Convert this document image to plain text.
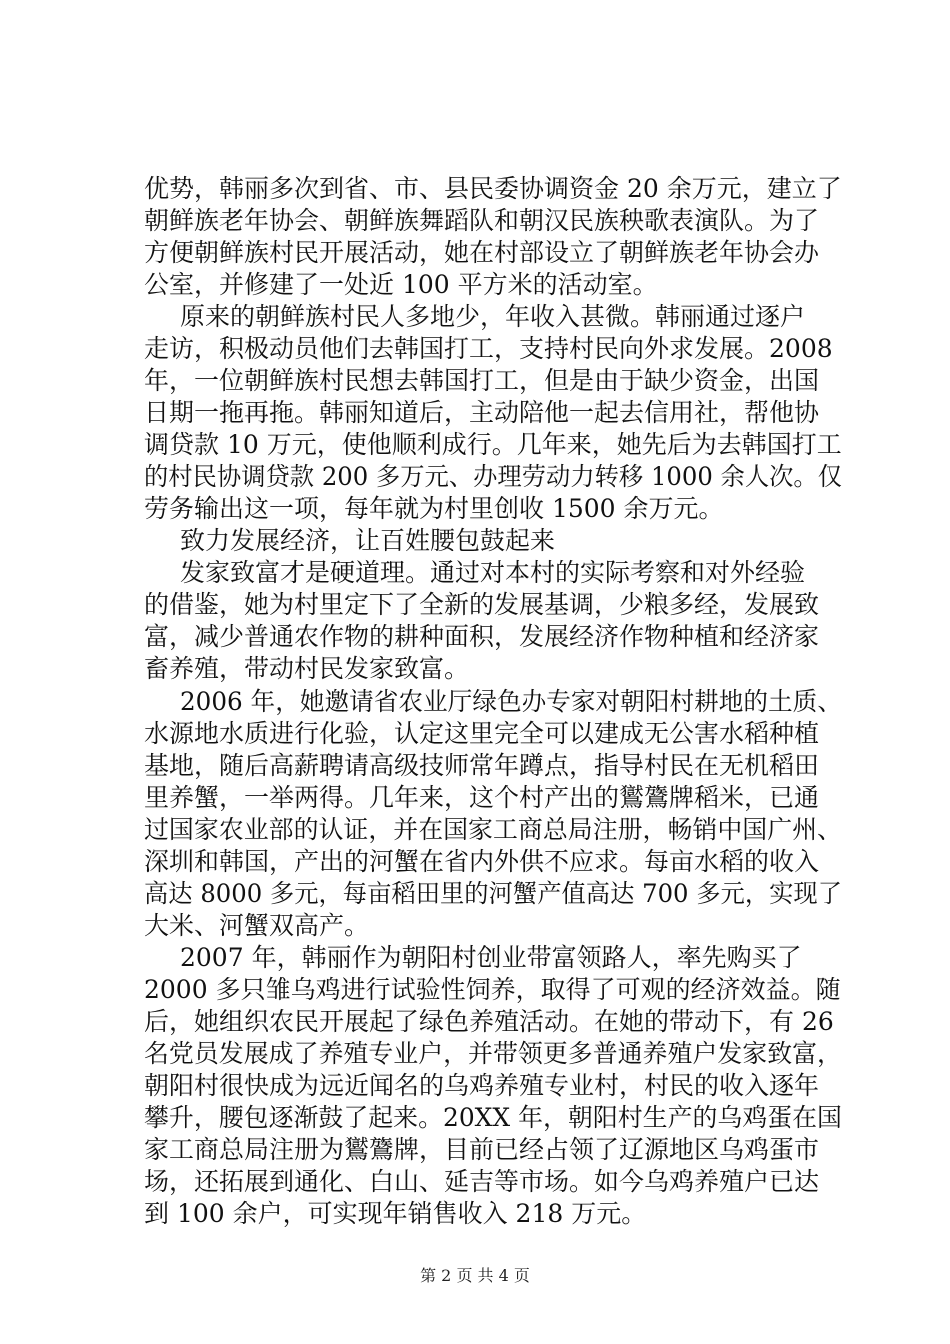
优势，韩丽多次到省、市、县民委协调资金 20 余万元，建立了
朝鲜族老年协会、朝鲜族舞蹈队和朝汉民族秧歌表演队。为了
方便朝鲜族村民开展活动，她在村部设立了朝鲜族老年协会办
公室，并修建了一处近 100 平方米的活动室。
原来的朝鲜族村民人多地少，年收入甚微。韩丽通过逐户
走访，积极动员他们去韩国打工，支持村民向外求发展。2008
年，一位朝鲜族村民想去韩国打工，但是由于缺少资金，出国
日期一拖再拖。韩丽知道后，主动陪他一起去信用社，帮他协
调贷款 10 万元，使他顺利成行。几年来，她先后为去韩国打工
的村民协调贷款 200 多万元、办理劳动力转移 1000 余人次。仅
劳务输出这一项，每年就为村里创收 1500 余万元。
致力发展经济，让百姓腰包鼓起来
发家致富才是硬道理。通过对本村的实际考察和对外经验
的借鉴，她为村里定下了全新的发展基调，少粮多经，发展致
富，减少普通农作物的耕种面积，发展经济作物种植和经济家
畜养殖，带动村民发家致富。
2006 年，她邀请省农业厅绿色办专家对朝阳村耕地的土质、
水源地水质进行化验，认定这里完全可以建成无公害水稻种植
基地，随后高薪聘请高级技师常年蹲点，指导村民在无机稻田
里养蟹，一举两得。几年来，这个村产出的鸑鷟牌稻米，已通
过国家农业部的认证，并在国家工商总局注册，畅销中国广州、
深圳和韩国，产出的河蟹在省内外供不应求。每亩水稻的收入
高达 8000 多元，每亩稻田里的河蟹产值高达 700 多元，实现了
大米、河蟹双高产。
2007 年，韩丽作为朝阳村创业带富领路人，率先购买了
2000 多只雏乌鸡进行试验性饲养，取得了可观的经济效益。随
后，她组织农民开展起了绿色养殖活动。在她的带动下，有 26
名党员发展成了养殖专业户，并带领更多普通养殖户发家致富，
朝阳村很快成为远近闻名的乌鸡养殖专业村，村民的收入逐年
攀升，腰包逐渐鼓了起来。20XX 年，朝阳村生产的乌鸡蛋在国
家工商总局注册为鸑鷟牌，目前已经占领了辽源地区乌鸡蛋市
场，还拓展到通化、白山、延吉等市场。如今乌鸡养殖户已达
到 100 余户，可实现年销售收入 218 万元。
第 2 页 共 4 页
